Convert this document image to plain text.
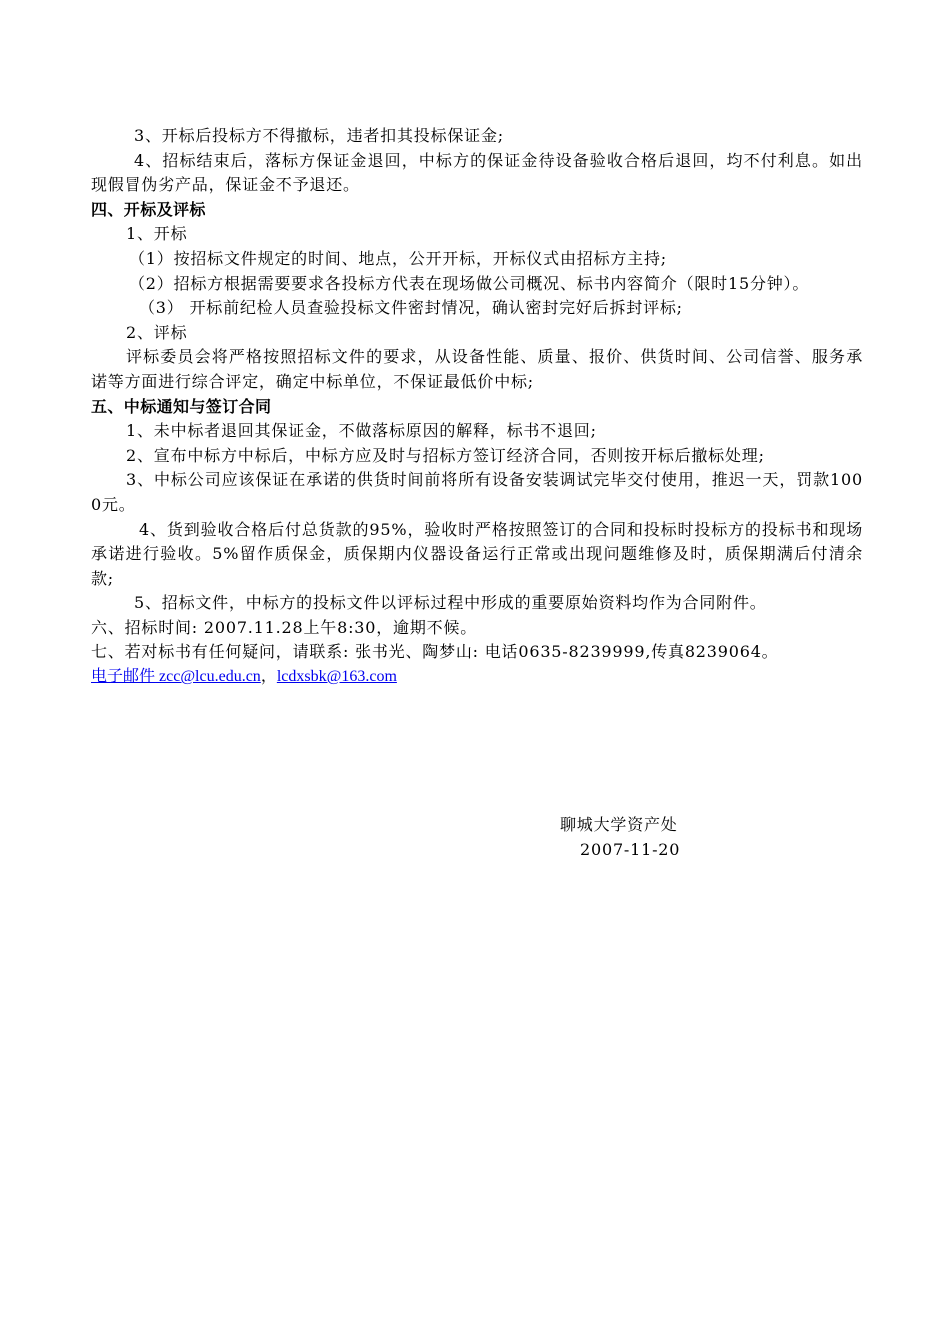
3、开标后投标方不得撤标，违者扣其投标保证金;

4、招标结束后，落标方保证金退回，中标方的保证金待设备验收合格后退回，均不付利息。如出现假冒伪劣产品，保证金不予退还。

四、开标及评标

1、开标

（1）按招标文件规定的时间、地点，公开开标，开标仪式由招标方主持;

（2）招标方根据需要要求各投标方代表在现场做公司概况、标书内容简介（限时15分钟）。

（3） 开标前纪检人员查验投标文件密封情况，确认密封完好后拆封评标;

2、评标

评标委员会将严格按照招标文件的要求，从设备性能、质量、报价、供货时间、公司信誉、服务承诺等方面进行综合评定，确定中标单位，不保证最低价中标;

五、中标通知与签订合同

1、未中标者退回其保证金，不做落标原因的解释，标书不退回;

2、宣布中标方中标后，中标方应及时与招标方签订经济合同，否则按开标后撤标处理;

3、中标公司应该保证在承诺的供货时间前将所有设备安装调试完毕交付使用，推迟一天，罚款1000元。

4、货到验收合格后付总货款的95%，验收时严格按照签订的合同和投标时投标方的投标书和现场承诺进行验收。5%留作质保金，质保期内仪器设备运行正常或出现问题维修及时，质保期满后付清余款;

5、招标文件，中标方的投标文件以评标过程中形成的重要原始资料均作为合同附件。

六、招标时间: 2007.11.28上午8:30，逾期不候。

七、若对标书有任何疑问，请联系: 张书光、陶梦山: 电话0635-8239999,传真8239064。

电子邮件 zcc@lcu.edu.cn，lcdxsbk@163.com

聊城大学资产处
2007-11-20
